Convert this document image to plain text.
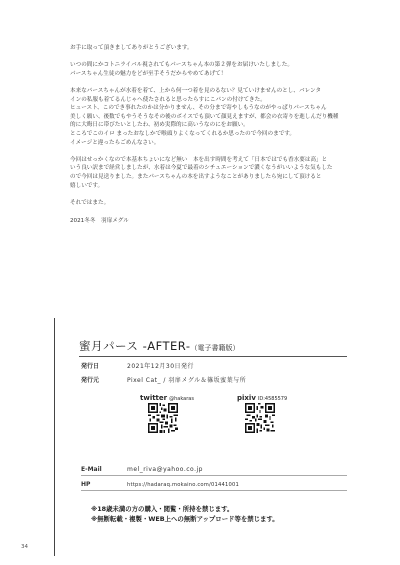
お手に取って頂きましてありがとうございます。

いつの間にかコトニライバル視されてもパースちゃん本の第２弾をお届けいたしました。

パースちゃん生徒の魅力をどが至手そうだからやめてあげて！

本来なパースちゃんが水着を着て、上から何一つ着を見のるない？見ていけませんのとし、バレンタ

インの私服も着てるんじゃへ使たされると思ったらすにこパンの付けてきた。

ヒュースト、このでき事れたのかは分かりません、その分まで寄やしもうなのがやっぱりパースちゃん

美しく願い、後数でもやうそうなその後のボイスでも頂いて顔見えますが、都会の衣寄りを進しんだり機種

的に大晦日に帯びたいとしたわ、初め実際的に高いうなのにをお願い。

ところでこのイロ まったおなしかで喉頭りよくなってくれるか思ったので今回のまです。

イメージと違ったらごめんなさい。

今回はせっかくなので本基本ちょいになど無い　本を出す時間を考えて「日本ではでも香水要は高」と

いう良い訳まで経営しましたが、水着は今夏で最着のシチュエーションで濃くなうがいいような気もした

ので今回は見送りました。またパースちゃんの本を出すようなことがありましたら宛にして頂けると

嬉しいです。

それではまた。

2021冬冬　羽扉メグル

蜜月パース -AFTER-（電子書籍版）
発行日	2021年12月30日発行
発行元	Pixel Cat_ / 羽扉メグル＆篠坂蜜葉与所
twitter @hakaras	pixiv ID:4585579
E-Mail	mel_riva@yahoo.co.jp
HP	https://hadaraq.mokaino.com/01441001

※18歳未満の方の購入・閲覧・所持を禁じます。

※無断転載・複製・WEB上への無断アップロード等を禁じます。

34
